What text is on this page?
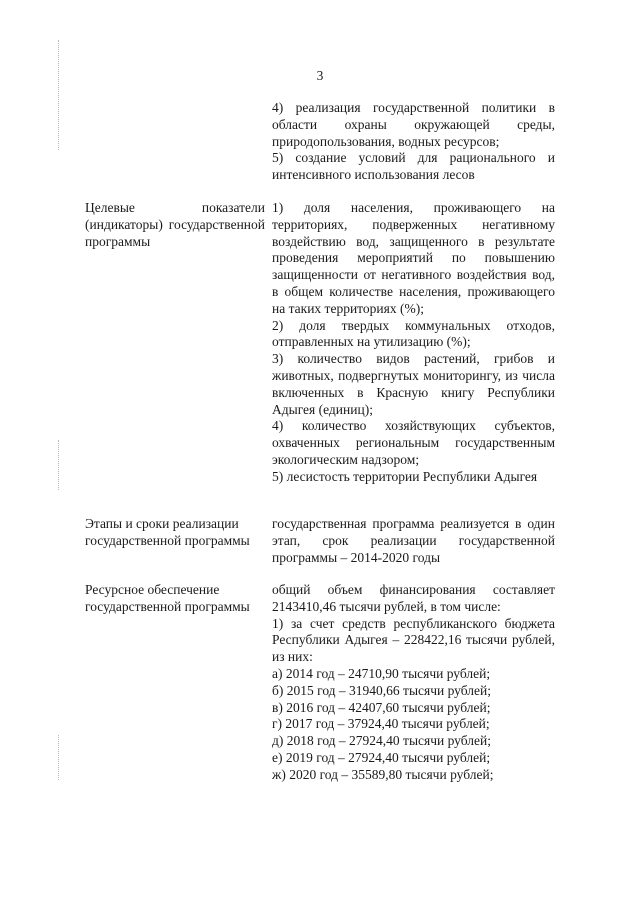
3

4) реализация государственной политики в области охраны окружающей среды, природопользования, водных ресурсов;

5) создание условий для рационального и интенсивного использования лесов

Целевые показатели (индикаторы) государственной программы

1) доля населения, проживающего на территориях, подверженных негативному воздействию вод, защищенного в результате проведения мероприятий по повышению защищенности от негативного воздействия вод, в общем количестве населения, проживающего на таких территориях (%);

2) доля твердых коммунальных отходов, отправленных на утилизацию (%);

3) количество видов растений, грибов и животных, подвергнутых мониторингу, из числа включенных в Красную книгу Республики Адыгея (единиц);

4) количество хозяйствующих субъектов, охваченных региональным государственным экологическим надзором;

5) лесистость территории Республики Адыгея

Этапы и сроки реализации государственной программы

государственная программа реализуется в один этап, срок реализации государственной программы – 2014-2020 годы

Ресурсное обеспечение государственной программы

общий объем финансирования составляет 2143410,46 тысячи рублей, в том числе:

1) за счет средств республиканского бюджета Республики Адыгея – 228422,16 тысячи рублей, из них:

а) 2014 год – 24710,90 тысячи рублей;

б) 2015 год – 31940,66 тысячи рублей;

в) 2016 год – 42407,60 тысячи рублей;

г) 2017 год – 37924,40 тысячи рублей;

д) 2018 год – 27924,40 тысячи рублей;

е) 2019 год – 27924,40 тысячи рублей;

ж) 2020 год – 35589,80 тысячи рублей;
